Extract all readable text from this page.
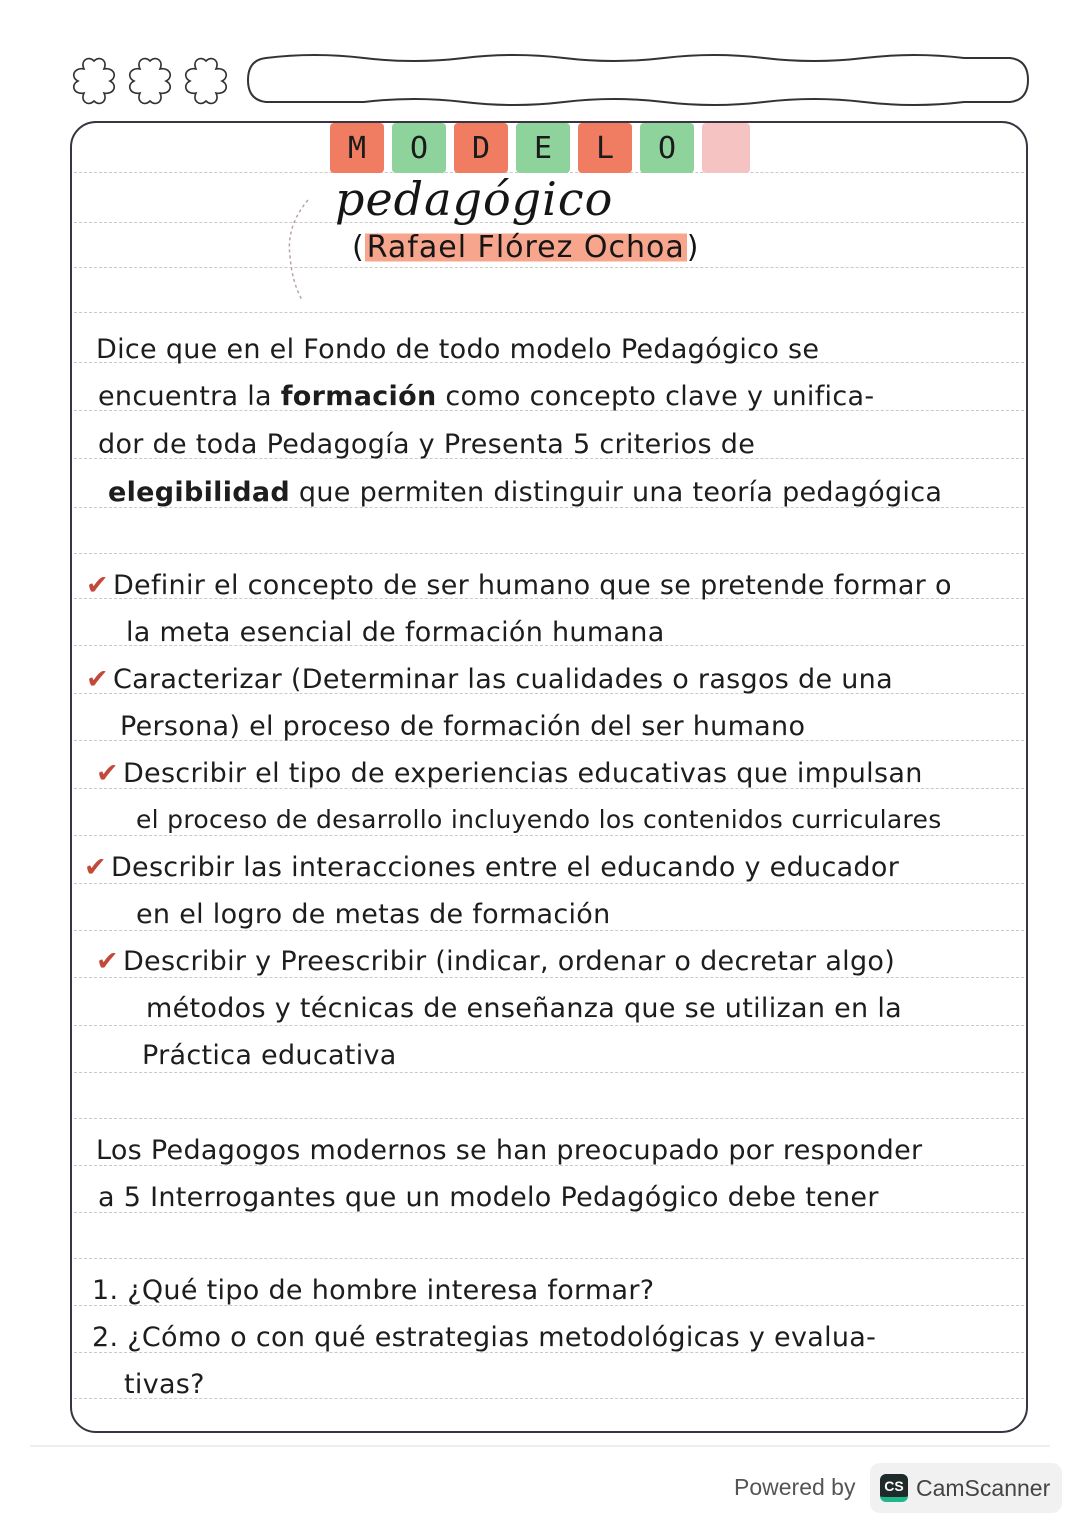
M	O	D	E	L	O
pedagógico
(Rafael Flórez Ochoa)
Dice que en el Fondo de todo modelo Pedagógico se
encuentra la formación como concepto clave y unifica-
dor de toda Pedagogía y Presenta 5 criterios de
elegibilidad que permiten distinguir una teoría pedagógica
✔ Definir el concepto de ser humano que se pretende formar o
la meta esencial de formación humana
✔ Caracterizar (Determinar las cualidades o rasgos de una
Persona) el proceso de formación del ser humano
✔ Describir el tipo de experiencias educativas que impulsan
el proceso de desarrollo incluyendo los contenidos curriculares
✔ Describir las interacciones entre el educando y educador
en el logro de metas de formación
✔ Describir y Preescribir (indicar, ordenar o decretar algo)
métodos y técnicas de enseñanza que se utilizan en la
Práctica educativa
Los Pedagogos modernos se han preocupado por responder
a 5 Interrogantes que un modelo Pedagógico debe tener
1. ¿Qué tipo de hombre interesa formar?
2. ¿Cómo o con qué estrategias metodológicas y evalua-
tivas?
Powered by	CS CamScanner
